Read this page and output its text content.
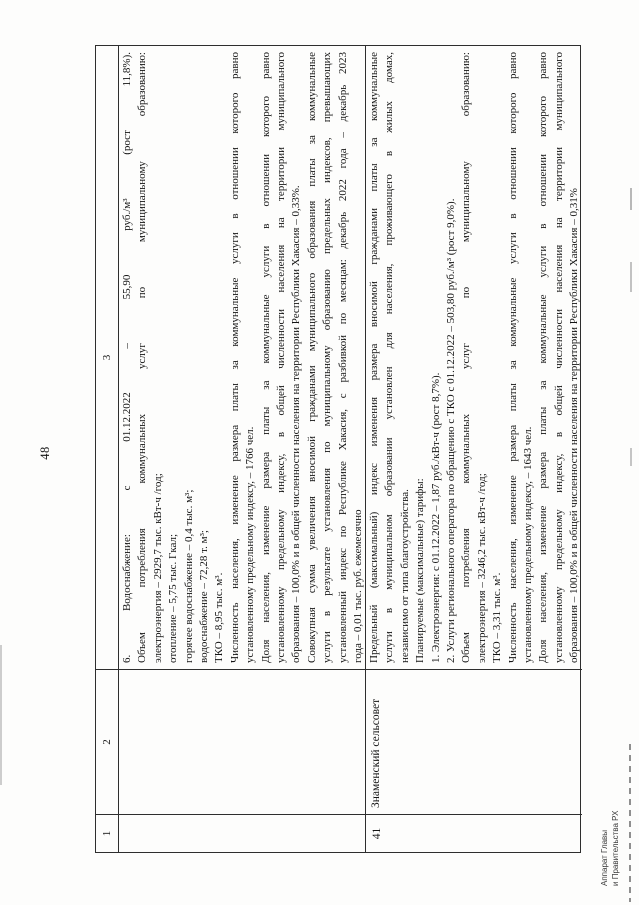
48
1
2
3 6. Водоснабжение: с 01.12.2022 – 55,90 руб./м³ (рост 11,8%). Объем потребления коммунальных услуг по муниципальному образованию: электроэнергия – 2929,7 тыс. кВт-ч /год; отопление – 5,75 тыс. Гкал; горячее водоснабжение – 0,4 тыс. м³; водоснабжение – 72,28 т. м³; ТКО – 8,95 тыс. м³. Численность населения, изменение размера платы за коммунальные услуги в отношении которого равно установленному предельному индексу, – 1766 чел. Доля населения, изменение размера платы за коммунальные услуги в отношении которого равно установленному предельному индексу, в общей численности населения на территории муниципального образования – 100,0% и в общей численности населения на территории Республики Хакасия – 0,33%. Совокупная сумма увеличения вносимой гражданами муниципального образования платы за коммунальные услуги в результате установления по муниципальному образованию предельных индексов, превышающих установленный индекс по Республике Хакасия, с разбивкой по месяцам: декабрь 2022 года – декабрь 2023 года – 0,01 тыс. руб. ежемесячно
41
Знаменский сельсовет
Предельный (максимальный) индекс изменения размера вносимой гражданами платы за коммунальные услуги в муниципальном образовании установлен для населения, проживающего в жилых домах, независимо от типа благоустройства. Планируемые (максимальные) тарифы: 1. Электроэнергия: с 01.12.2022 – 1,87 руб./кВт-ч (рост 8,7%). 2. Услуги регионального оператора по обращению с ТКО с 01.12.2022 – 503,80 руб./м³ (рост 9,0%). Объем потребления коммунальных услуг по муниципальному образованию: электроэнергия – 3246,2 тыс. кВт-ч /год; ТКО – 3,31 тыс. м³. Численность населения, изменение размера платы за коммунальные услуги в отношении которого равно установленному предельному индексу, – 1643 чел. Доля населения, изменение размера платы за коммунальные услуги в отношении которого равно установленному предельному индексу, в общей численности населения на территории муниципального образования – 100,0% и в общей численности населения на территории Республики Хакасия – 0,31%
Аппарат Главы и Правительства РХ
